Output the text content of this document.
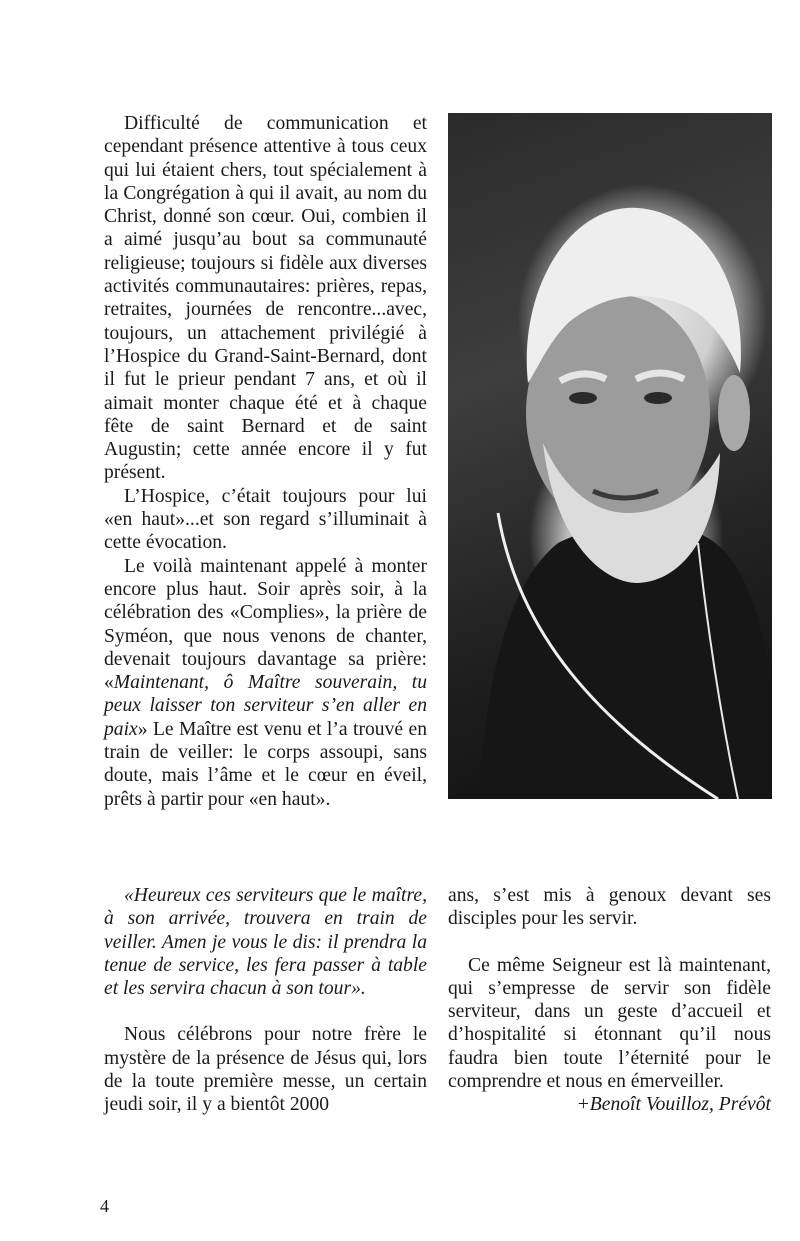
Difficulté de communication et cependant présence attentive à tous ceux qui lui étaient chers, tout spécialement à la Congrégation à qui il avait, au nom du Christ, donné son cœur. Oui, combien il a aimé jusqu’au bout sa communauté religieuse; toujours si fidèle aux diverses activités communautaires: prières, repas, retraites, journées de rencontre...avec, toujours, un attachement privilégié à l’Hospice du Grand-Saint-Bernard, dont il fut le prieur pendant 7 ans, et où il aimait monter chaque été et à chaque fête de saint Bernard et de saint Augustin; cette année encore il y fut présent.

L’Hospice, c’était toujours pour lui «en haut»...et son regard s’illuminait à cette évocation.

Le voilà maintenant appelé à monter encore plus haut. Soir après soir, à la célébration des «Complies», la prière de Syméon, que nous venons de chanter, devenait toujours davantage sa prière: «Maintenant, ô Maître souverain, tu peux laisser ton serviteur s’en aller en paix» Le Maître est venu et l’a trouvé en train de veiller: le corps assoupi, sans doute, mais l’âme et le cœur en éveil, prêts à partir pour «en haut».

«Heureux ces serviteurs que le maître, à son arrivée, trouvera en train de veiller. Amen je vous le dis: il prendra la tenue de service, les fera passer à table et les servira chacun à son tour».

Nous célébrons pour notre frère le mystère de la présence de Jésus qui, lors de la toute première messe, un certain jeudi soir, il y a bientôt 2000

ans, s’est mis à genoux devant ses disciples pour les servir.

Ce même Seigneur est là maintenant, qui s’empresse de servir son fidèle serviteur, dans un geste d’accueil et d’hospitalité si étonnant qu’il nous faudra bien toute l’éternité pour le comprendre et nous en émerveiller.

+Benoît Vouilloz, Prévôt

4
